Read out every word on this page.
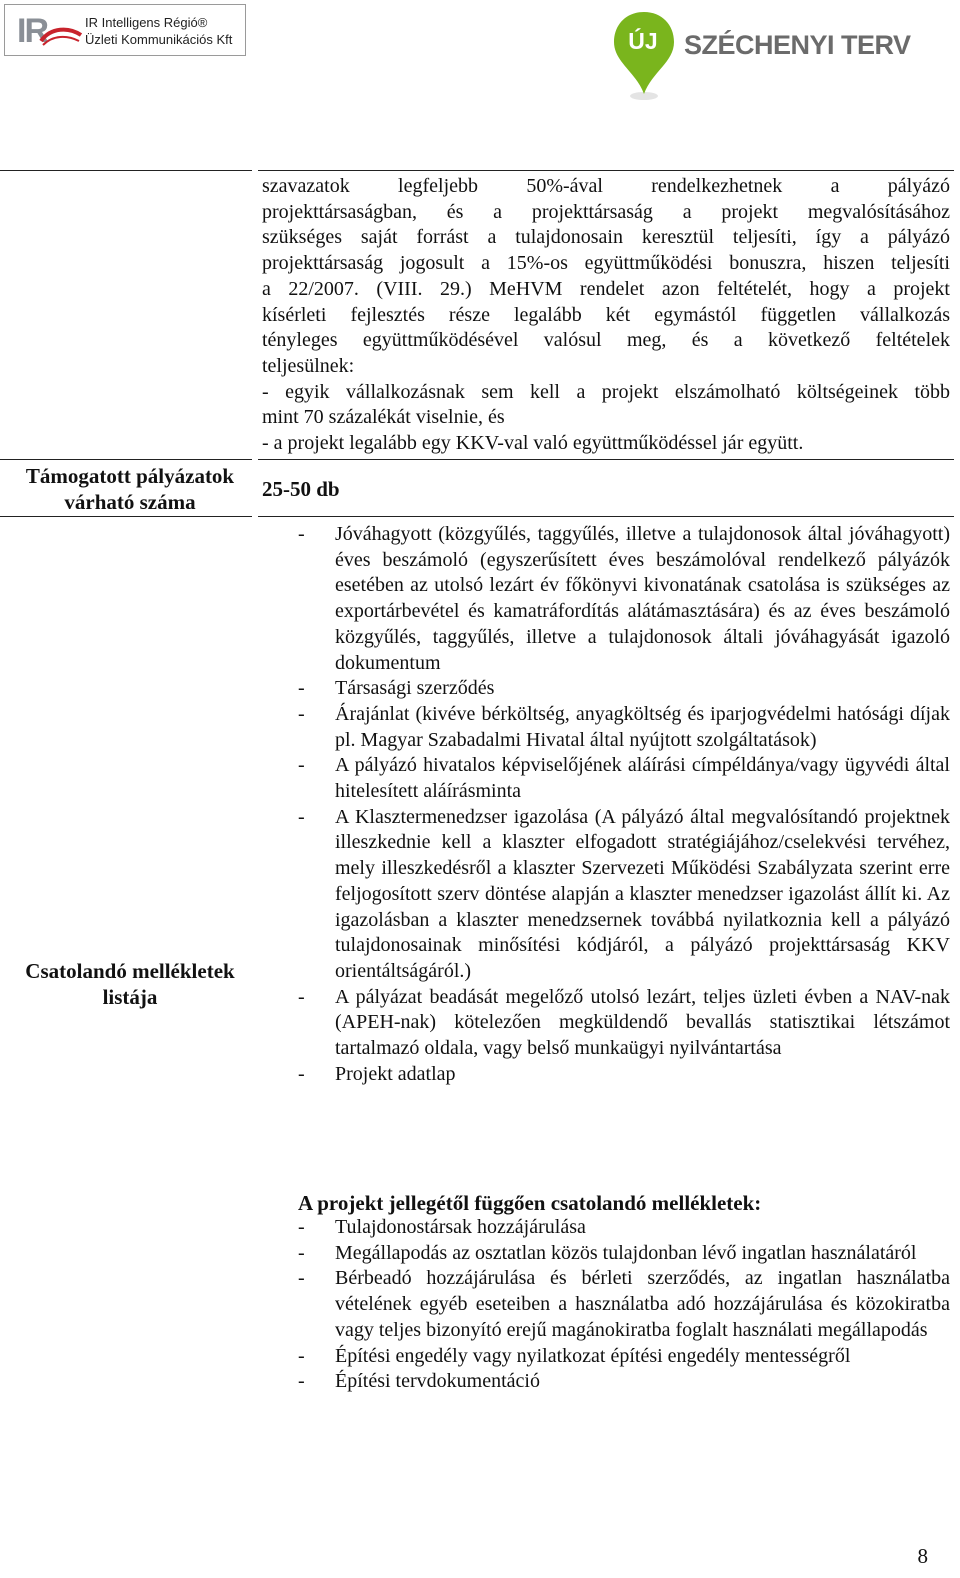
IR	IR Intelligens Régió®
Üzleti Kommunikációs Kft	ÚJ SZÉCHENYI TERV

szavazatok legfeljebb 50%-ával rendelkezhetnek a pályázó
projekttársaságban, és a projekttársaság a projekt megvalósításához
szükséges saját forrást a tulajdonosain keresztül teljesíti, így a pályázó
projekttársaság jogosult a 15%-os együttműködési bonuszra, hiszen teljesíti
a 22/2007. (VIII. 29.) MeHVM rendelet azon feltételét, hogy a projekt
kísérleti fejlesztés része legalább két egymástól független vállalkozás
tényleges együttműködésével valósul meg, és a következő feltételek
teljesülnek:
- egyik vállalkozásnak sem kell a projekt elszámolható költségeinek több
mint 70 százalékát viselnie, és
- a projekt legalább egy KKV-val való együttműködéssel jár együtt.

Támogatott pályázatok várható száma
25-50 db
Csatolandó mellékletek listája
- Jóváhagyott (közgyűlés, taggyűlés, illetve a tulajdonosok által jóváhagyott) éves beszámoló (egyszerűsített éves beszámolóval rendelkező pályázók esetében az utolsó lezárt év főkönyvi kivonatának csatolása is szükséges az exportárbevétel és kamatráfordítás alátámasztására) és az éves beszámoló közgyűlés, taggyűlés, illetve a tulajdonosok általi jóváhagyását igazoló dokumentum
- Társasági szerződés
- Árajánlat (kivéve bérköltség, anyagköltség és iparjogvédelmi hatósági díjak pl. Magyar Szabadalmi Hivatal által nyújtott szolgáltatások)
- A pályázó hivatalos képviselőjének aláírási címpéldánya/vagy ügyvédi által hitelesített aláírásminta
- A Klasztermenedzser igazolása (A pályázó által megvalósítandó projektnek illeszkednie kell a klaszter elfogadott stratégiájához/cselekvési tervéhez, mely illeszkedésről a klaszter Szervezeti Működési Szabályzata szerint erre feljogosított szerv döntése alapján a klaszter menedzser igazolást állít ki. Az igazolásban a klaszter menedzsernek továbbá nyilatkoznia kell a pályázó tulajdonosainak minősítési kódjáról, a pályázó projekttársaság KKV orientáltságáról.)
- A pályázat beadását megelőző utolsó lezárt, teljes üzleti évben a NAV-nak (APEH-nak) kötelezően megküldendő bevallás statisztikai létszámot tartalmazó oldala, vagy belső munkaügyi nyilvántartása
- Projekt adatlap
A projekt jellegétől függően csatolandó mellékletek:
- Tulajdonostársak hozzájárulása
- Megállapodás az osztatlan közös tulajdonban lévő ingatlan használatáról
- Bérbeadó hozzájárulása és bérleti szerződés, az ingatlan használatba vételének egyéb eseteiben a használatba adó hozzájárulása és közokiratba vagy teljes bizonyító erejű magánokiratba foglalt használati megállapodás
- Építési engedély vagy nyilatkozat építési engedély mentességről
- Építési tervdokumentáció
8
